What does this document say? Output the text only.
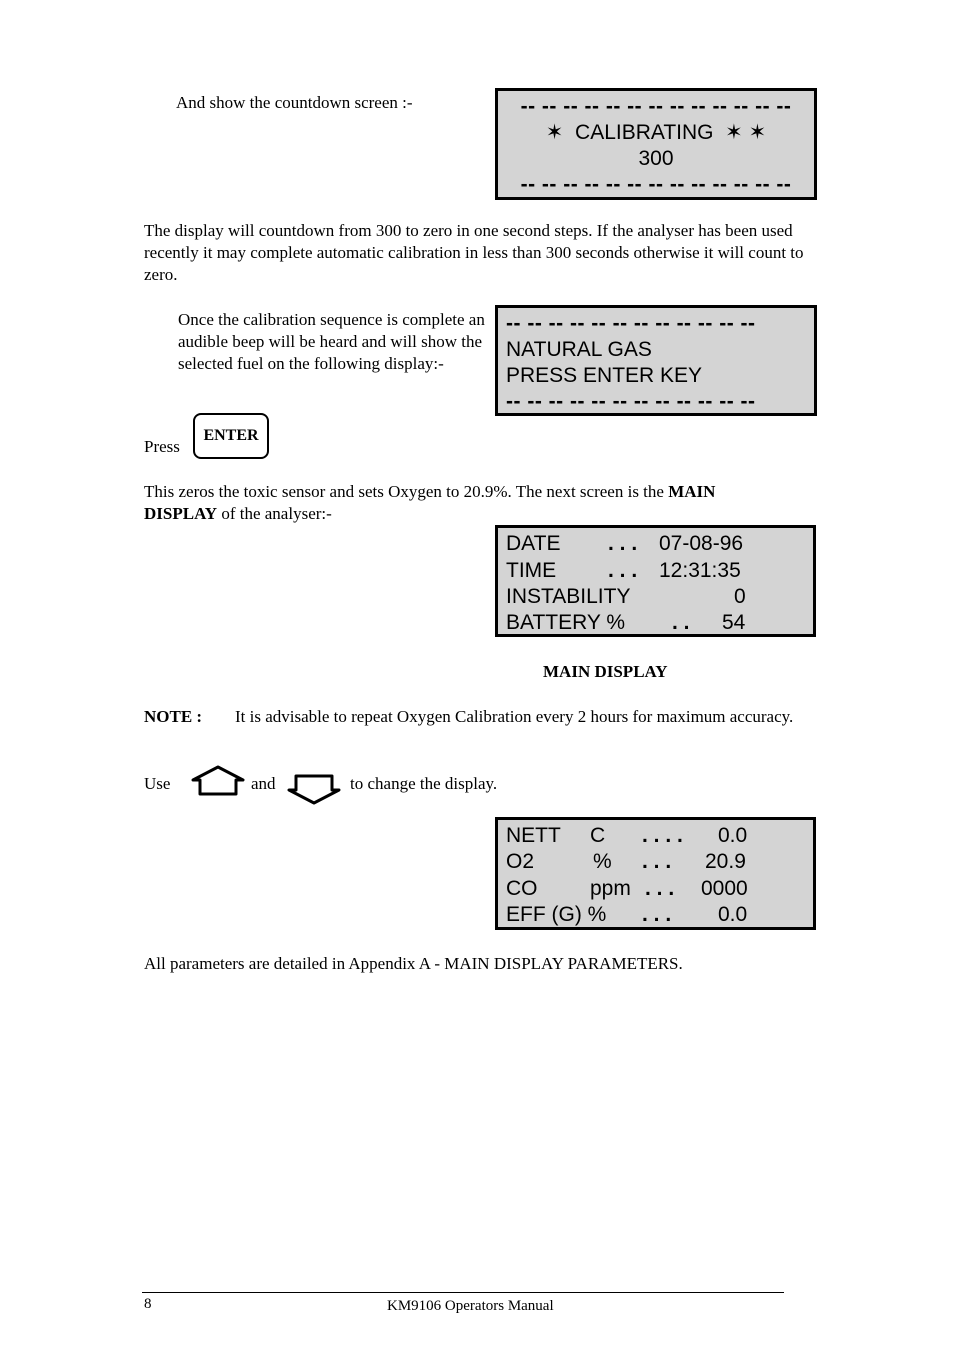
And show the countdown screen :-	-- -- -- -- -- -- -- -- -- -- -- -- --
✶  CALIBRATING  ✶ ✶
300
-- -- -- -- -- -- -- -- -- -- -- -- --
The display will countdown from 300 to zero in one second steps. If the analyser has been used recently it may complete automatic calibration in less than 300 seconds otherwise it will count to zero.
Once the calibration sequence is complete an audible beep will be heard and will show the selected fuel on the following display:-
-- -- -- -- -- -- -- -- -- -- -- --
NATURAL GAS
PRESS ENTER KEY
-- -- -- -- -- -- -- -- -- -- -- --
Press
ENTER
This zeros the toxic sensor and sets Oxygen to 20.9%. The next screen is the MAIN
DISPLAY of the analyser:-
DATE . . . 07-08-96
TIME . . . 12:31:35
INSTABILITY	0
BATTERY % . . 54
MAIN DISPLAY
NOTE : It is advisable to repeat Oxygen Calibration every 2 hours for maximum accuracy.
Use	and	to change the display.
NETT C . . . . 0.0
O2	% . . . 20.9
CO	ppm . . . 0000
EFF (G) % . . . 0.0
All parameters are detailed in Appendix A - MAIN DISPLAY PARAMETERS.
8	KM9106 Operators Manual
